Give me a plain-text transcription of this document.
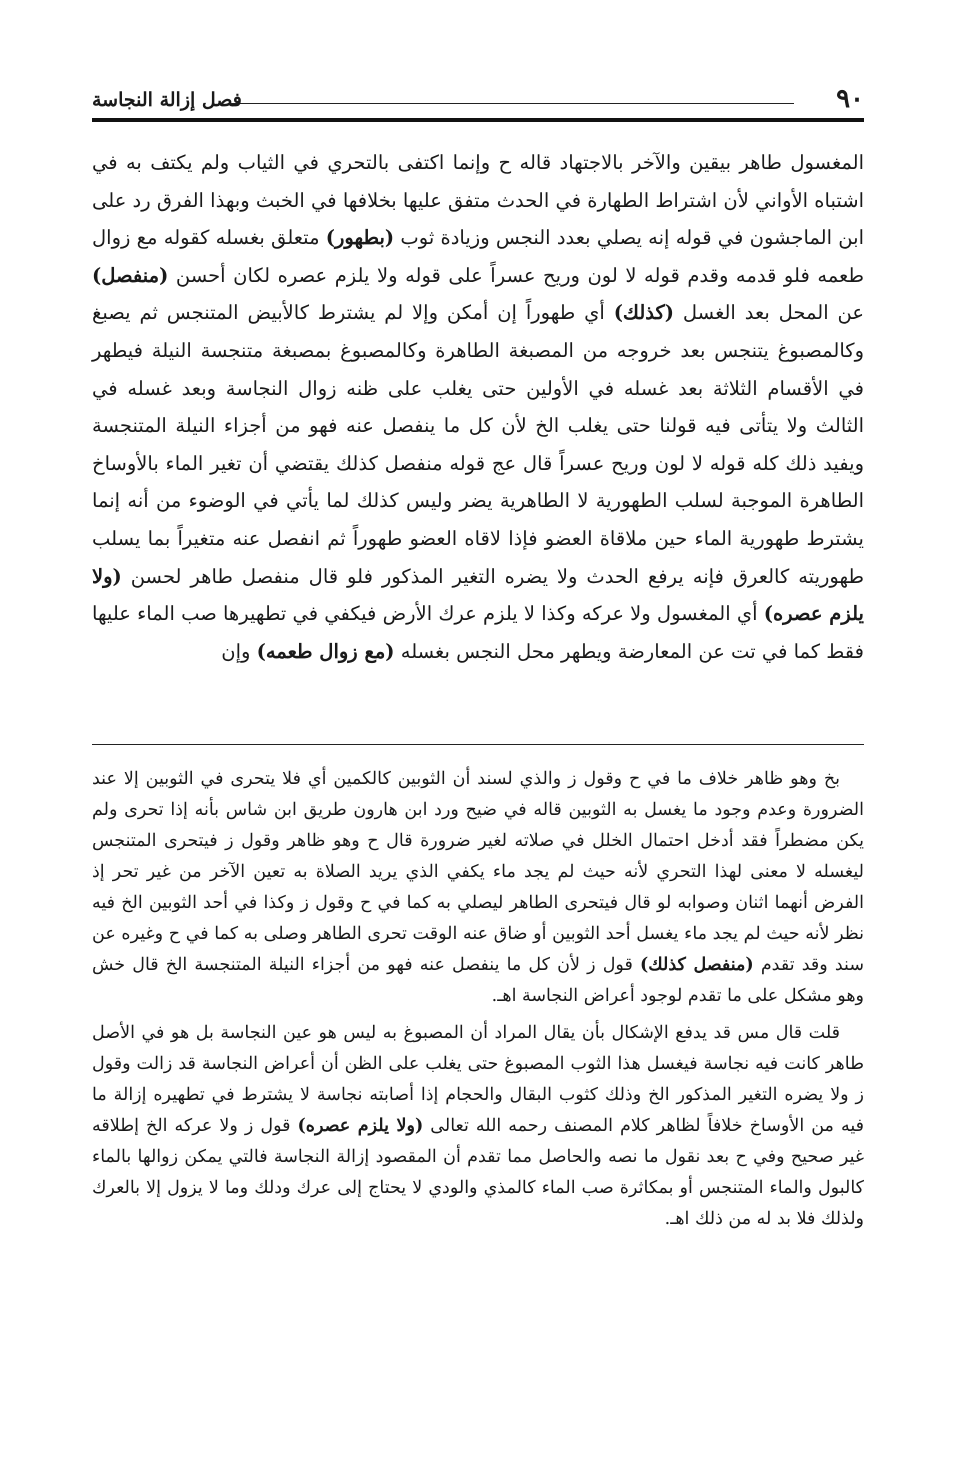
٩٠
فصل إزالة النجاسة

المغسول طاهر بيقين والآخر بالاجتهاد قاله ح وإنما اكتفى بالتحري في الثياب ولم يكتف به في اشتباه الأواني لأن اشتراط الطهارة في الحدث متفق عليها بخلافها في الخبث وبهذا الفرق رد على ابن الماجشون في قوله إنه يصلي بعدد النجس وزيادة ثوب (بطهور) متعلق بغسله كقوله مع زوال طعمه فلو قدمه وقدم قوله لا لون وريح عسراً على قوله ولا يلزم عصره لكان أحسن (منفصل) عن المحل بعد الغسل (كذلك) أي طهوراً إن أمكن وإلا لم يشترط كالأبيض المتنجس ثم يصبغ وكالمصبوغ يتنجس بعد خروجه من المصبغة الطاهرة وكالمصبوغ بمصبغة متنجسة النيلة فيطهر في الأقسام الثلاثة بعد غسله في الأولين حتى يغلب على ظنه زوال النجاسة وبعد غسله في الثالث ولا يتأتى فيه قولنا حتى يغلب الخ لأن كل ما ينفصل عنه فهو من أجزاء النيلة المتنجسة ويفيد ذلك كله قوله لا لون وريح عسراً قال عج قوله منفصل كذلك يقتضي أن تغير الماء بالأوساخ الطاهرة الموجبة لسلب الطهورية لا الطاهرية يضر وليس كذلك لما يأتي في الوضوء من أنه إنما يشترط طهورية الماء حين ملاقاة العضو فإذا لاقاه العضو طهوراً ثم انفصل عنه متغيراً بما يسلب طهوريته كالعرق فإنه يرفع الحدث ولا يضره التغير المذكور فلو قال منفصل طاهر لحسن (ولا يلزم عصره) أي المغسول ولا عركه وكذا لا يلزم عرك الأرض فيكفي في تطهيرها صب الماء عليها فقط كما في تت عن المعارضة ويطهر محل النجس بغسله (مع زوال طعمه) وإن

بخ وهو ظاهر خلاف ما في ح وقول ز والذي لسند أن الثوبين كالكمين أي فلا يتحرى في الثوبين إلا عند الضرورة وعدم وجود ما يغسل به الثوبين قاله في ضيح ورد ابن هارون طريق ابن شاس بأنه إذا تحرى ولم يكن مضطراً فقد أدخل احتمال الخلل في صلاته لغير ضرورة قال ح وهو ظاهر وقول ز فيتحرى المتنجس ليغسله لا معنى لهذا التحري لأنه حيث لم يجد ماء يكفي الذي يريد الصلاة به تعين الآخر من غير تحر إذ الفرض أنهما اثنان وصوابه لو قال فيتحرى الطاهر ليصلي به كما في ح وقول ز وكذا في أحد الثوبين الخ فيه نظر لأنه حيث لم يجد ماء يغسل أحد الثوبين أو ضاق عنه الوقت تحرى الطاهر وصلى به كما في ح وغيره عن سند وقد تقدم (منفصل كذلك) قول ز لأن كل ما ينفصل عنه فهو من أجزاء النيلة المتنجسة الخ قال خش وهو مشكل على ما تقدم لوجود أعراض النجاسة اهـ.

قلت قال مس قد يدفع الإشكال بأن يقال المراد أن المصبوغ به ليس هو عين النجاسة بل هو في الأصل طاهر كانت فيه نجاسة فيغسل هذا الثوب المصبوغ حتى يغلب على الظن أن أعراض النجاسة قد زالت وقول ز ولا يضره التغير المذكور الخ وذلك كثوب البقال والحجام إذا أصابته نجاسة لا يشترط في تطهيره إزالة ما فيه من الأوساخ خلافاً لظاهر كلام المصنف رحمه الله تعالى (ولا يلزم عصره) قول ز ولا عركه الخ إطلاقه غير صحيح وفي ح بعد نقول ما نصه والحاصل مما تقدم أن المقصود إزالة النجاسة فالتي يمكن زوالها بالماء كالبول والماء المتنجس أو بمكاثرة صب الماء كالمذي والودي لا يحتاج إلى عرك ودلك وما لا يزول إلا بالعرك ولذلك فلا بد له من ذلك اهـ.
